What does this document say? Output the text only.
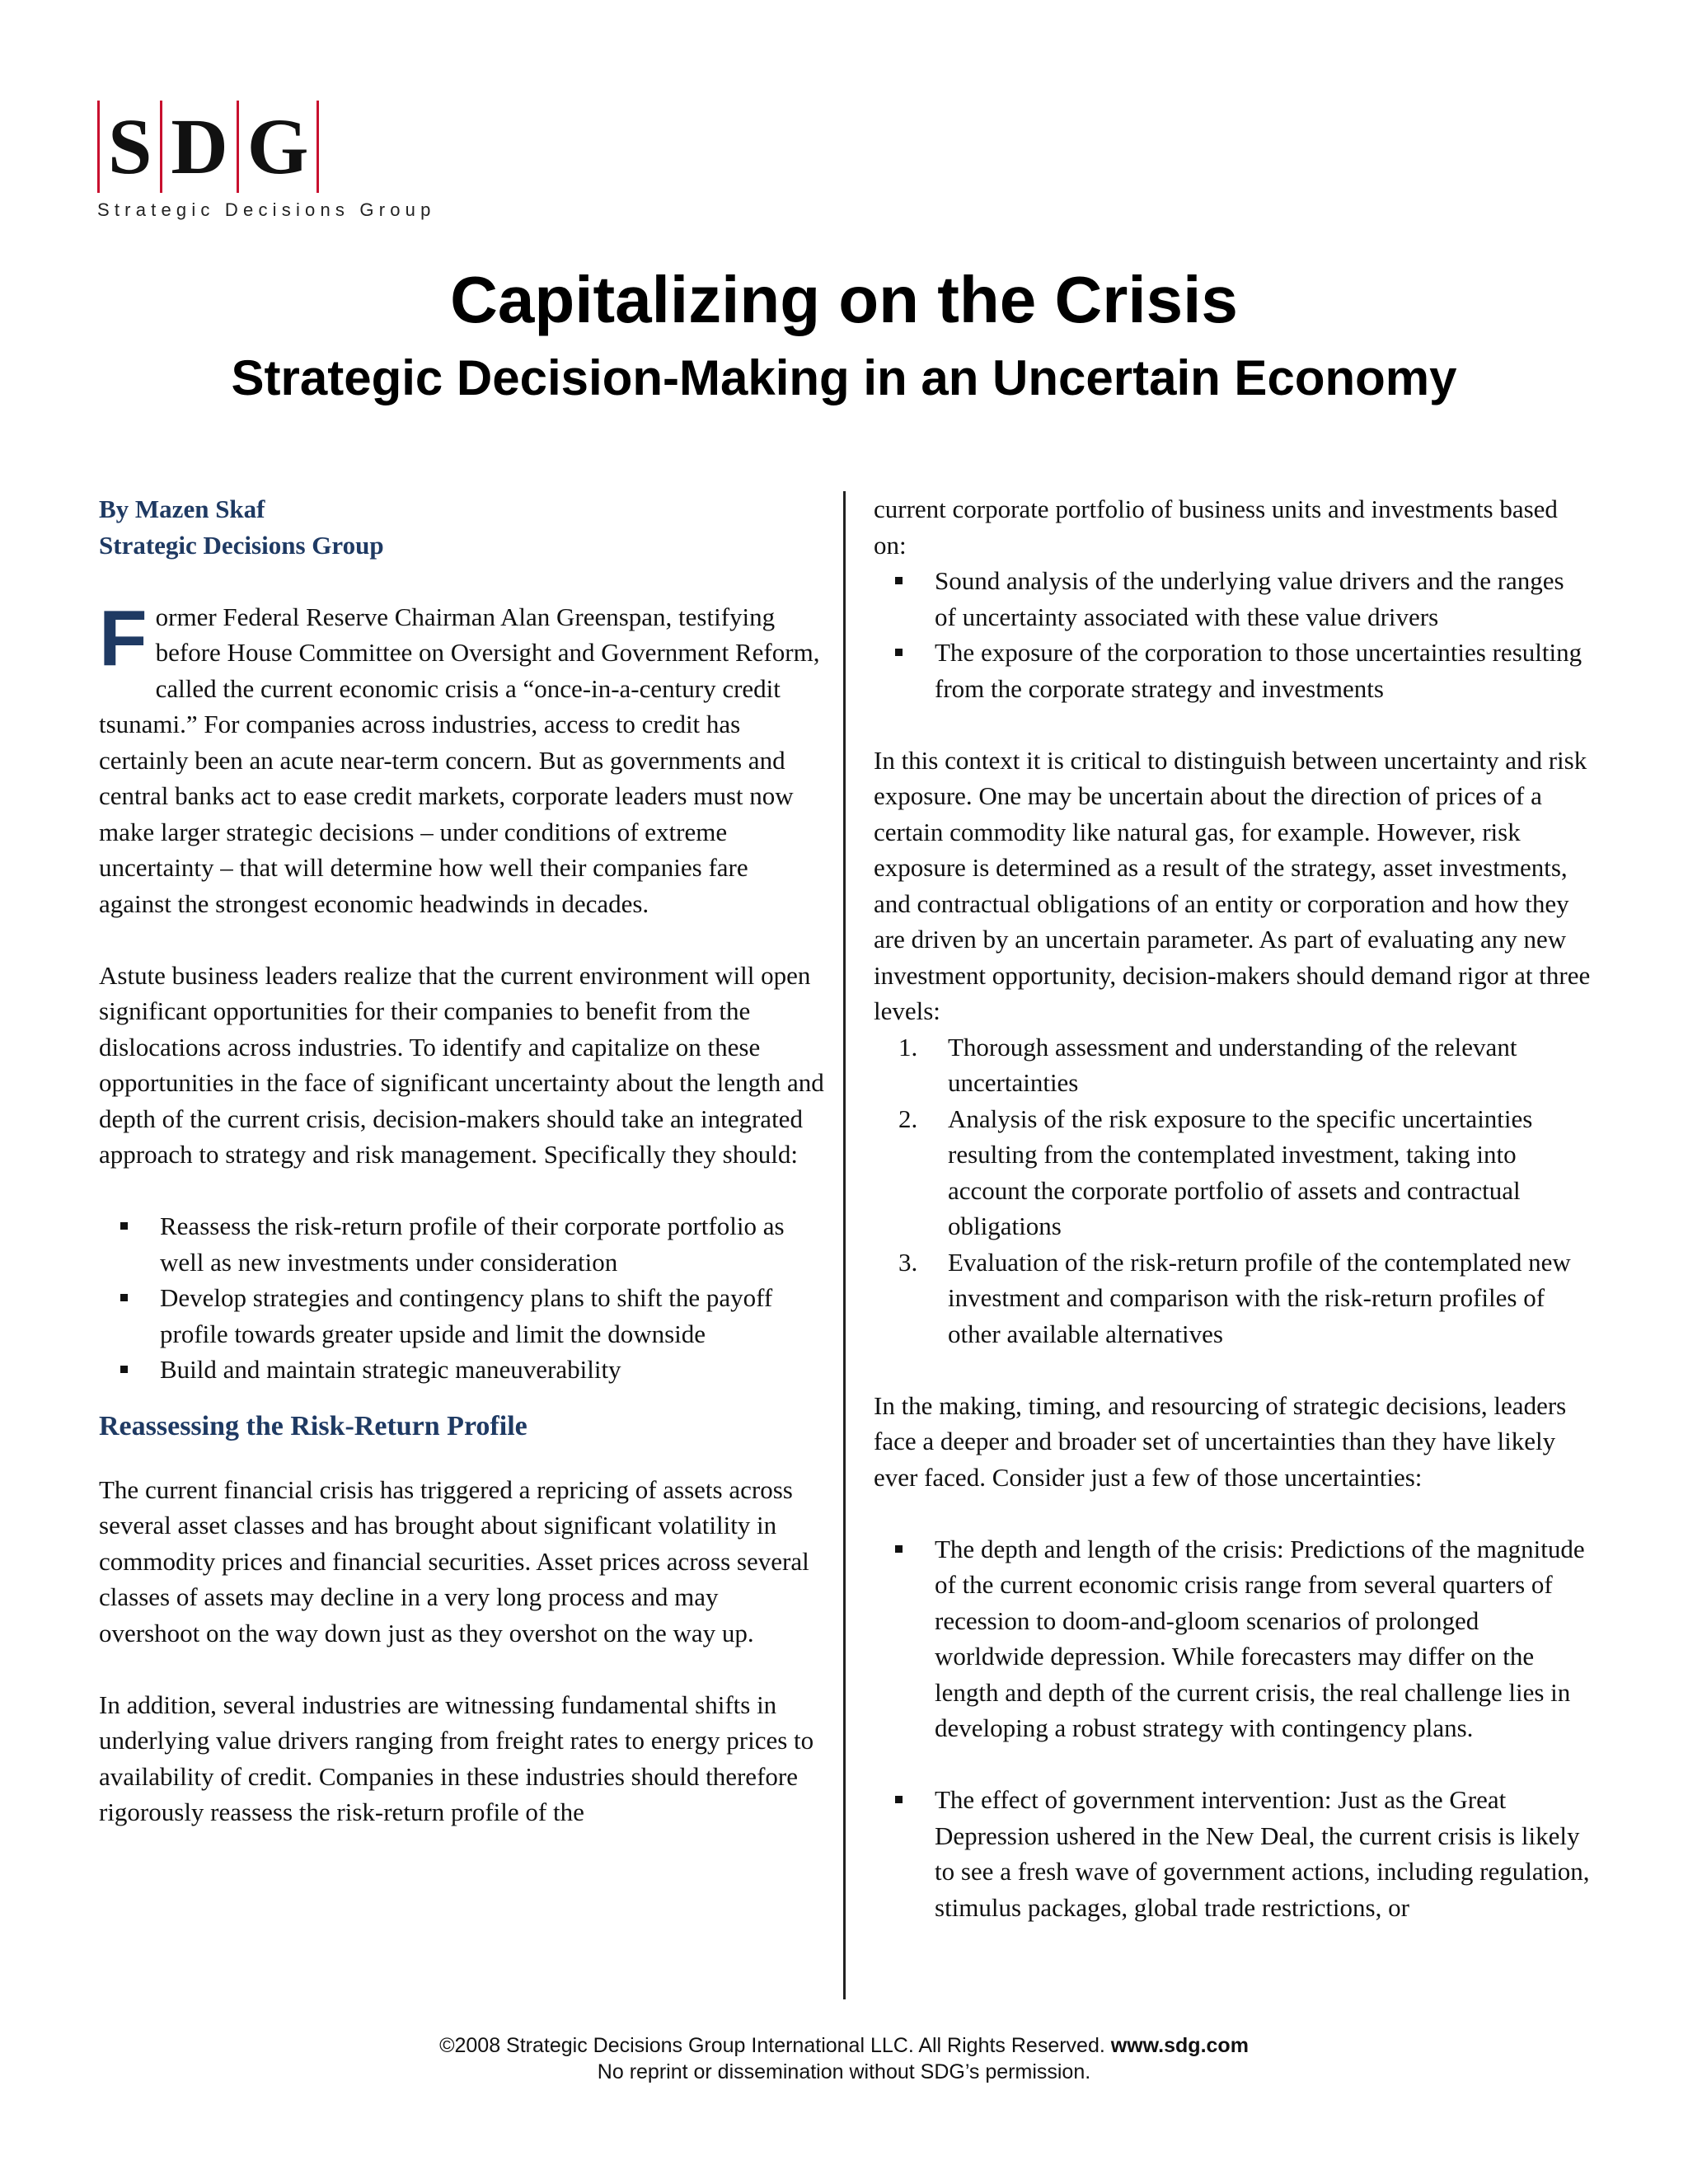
S D G
Strategic Decisions Group
Capitalizing on the Crisis
Strategic Decision-Making in an Uncertain Economy

By Mazen Skaf

Strategic Decisions Group

Former Federal Reserve Chairman Alan Greenspan, testifying before House Committee on Oversight and Government Reform, called the current economic crisis a “once-in-a-century credit tsunami.” For companies across industries, access to credit has certainly been an acute near-term concern. But as governments and central banks act to ease credit markets, corporate leaders must now make larger strategic decisions – under conditions of extreme uncertainty – that will determine how well their companies fare against the strongest economic headwinds in decades.

Astute business leaders realize that the current environment will open significant opportunities for their companies to benefit from the dislocations across industries. To identify and capitalize on these opportunities in the face of significant uncertainty about the length and depth of the current crisis, decision-makers should take an integrated approach to strategy and risk management. Specifically they should:

Reassess the risk-return profile of their corporate portfolio as well as new investments under consideration
Develop strategies and contingency plans to shift the payoff profile towards greater upside and limit the downside
Build and maintain strategic maneuverability
Reassessing the Risk-Return Profile

The current financial crisis has triggered a repricing of assets across several asset classes and has brought about significant volatility in commodity prices and financial securities. Asset prices across several classes of assets may decline in a very long process and may overshoot on the way down just as they overshot on the way up.

In addition, several industries are witnessing fundamental shifts in underlying value drivers ranging from freight rates to energy prices to availability of credit. Companies in these industries should therefore rigorously reassess the risk-return profile of the

current corporate portfolio of business units and investments based on:

Sound analysis of the underlying value drivers and the ranges of uncertainty associated with these value drivers
The exposure of the corporation to those uncertainties resulting from the corporate strategy and investments

In this context it is critical to distinguish between uncertainty and risk exposure. One may be uncertain about the direction of prices of a certain commodity like natural gas, for example. However, risk exposure is determined as a result of the strategy, asset investments, and contractual obligations of an entity or corporation and how they are driven by an uncertain parameter. As part of evaluating any new investment opportunity, decision-makers should demand rigor at three levels:

1. Thorough assessment and understanding of the relevant uncertainties
2. Analysis of the risk exposure to the specific uncertainties resulting from the contemplated investment, taking into account the corporate portfolio of assets and contractual obligations
3. Evaluation of the risk-return profile of the contemplated new investment and comparison with the risk-return profiles of other available alternatives

In the making, timing, and resourcing of strategic decisions, leaders face a deeper and broader set of uncertainties than they have likely ever faced. Consider just a few of those uncertainties:

The depth and length of the crisis: Predictions of the magnitude of the current economic crisis range from several quarters of recession to doom-and-gloom scenarios of prolonged worldwide depression. While forecasters may differ on the length and depth of the current crisis, the real challenge lies in developing a robust strategy with contingency plans.
The effect of government intervention: Just as the Great Depression ushered in the New Deal, the current crisis is likely to see a fresh wave of government actions, including regulation, stimulus packages, global trade restrictions, or
©2008 Strategic Decisions Group International LLC. All Rights Reserved. www.sdg.com
No reprint or dissemination without SDG’s permission.
